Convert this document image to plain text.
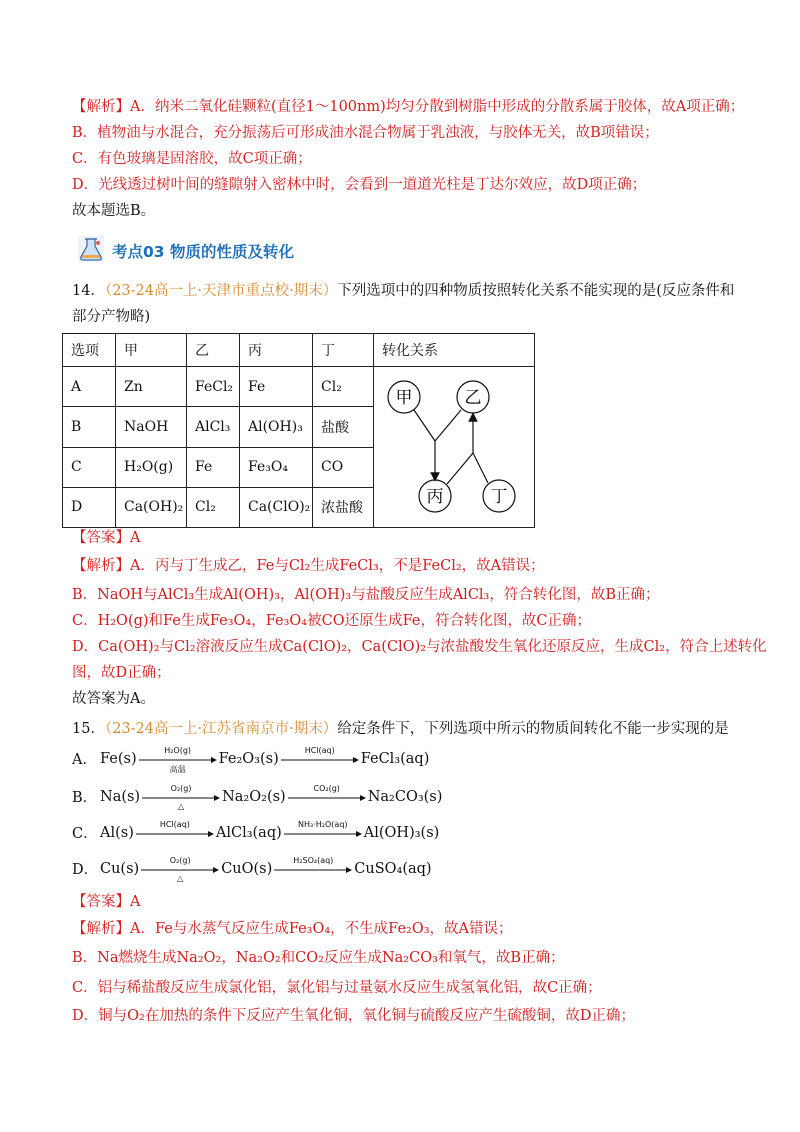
【解析】A．纳米二氧化硅颗粒(直径1～100nm)均匀分散到树脂中形成的分散系属于胶体，故A项正确；
B．植物油与水混合，充分振荡后可形成油水混合物属于乳浊液，与胶体无关，故B项错误；
C．有色玻璃是固溶胶，故C项正确；
D．光线透过树叶间的缝隙射入密林中时，会看到一道道光柱是丁达尔效应，故D项正确；
故本题选B。
考点03 物质的性质及转化
14．（23-24高一上·天津市重点校·期末）下列选项中的四种物质按照转化关系不能实现的是(反应条件和
部分产物略)
选项	甲	乙	丙	丁	转化关系
A	Zn	FeCl₂	Fe	Cl₂	甲 乙
丙 丁

B	NaOH	AlCl₃	Al(OH)₃	盐酸	
C	H₂O(g)	Fe	Fe₃O₄	CO	
D	Ca(OH)₂	Cl₂	Ca(ClO)₂	浓盐酸	
【答案】A
【解析】A．丙与丁生成乙，Fe与Cl₂生成FeCl₃，不是FeCl₂，故A错误；
B．NaOH与AlCl₃生成Al(OH)₃，Al(OH)₃与盐酸反应生成AlCl₃，符合转化图，故B正确；
C．H₂O(g)和Fe生成Fe₃O₄，Fe₃O₄被CO还原生成Fe，符合转化图，故C正确；
D．Ca(OH)₂与Cl₂溶液反应生成Ca(ClO)₂，Ca(ClO)₂与浓盐酸发生氧化还原反应，生成Cl₂，符合上述转化
图，故D正确；
故答案为A。
15．（23-24高一上·江苏省南京市·期末）给定条件下，下列选项中所示的物质间转化不能一步实现的是
A． Fe(s)
H₂O(g)
高温
Fe₂O₃(s)
HCl(aq)
FeCl₃(aq)
B． Na(s)
O₂(g)
△
Na₂O₂(s)
CO₂(g)
Na₂CO₃(s)
C． Al(s)
HCl(aq)
AlCl₃(aq)
NH₃·H₂O(aq)
Al(OH)₃(s)
D． Cu(s)
O₂(g)
△
CuO(s)
H₂SO₄(aq)
CuSO₄(aq)
【答案】A
【解析】A．Fe与水蒸气反应生成Fe₃O₄，不生成Fe₂O₃，故A错误；
B．Na燃烧生成Na₂O₂，Na₂O₂和CO₂反应生成Na₂CO₃和氧气，故B正确；
C．铝与稀盐酸反应生成氯化铝，氯化铝与过量氨水反应生成氢氧化铝，故C正确；
D．铜与O₂在加热的条件下反应产生氧化铜，氧化铜与硫酸反应产生硫酸铜，故D正确；
